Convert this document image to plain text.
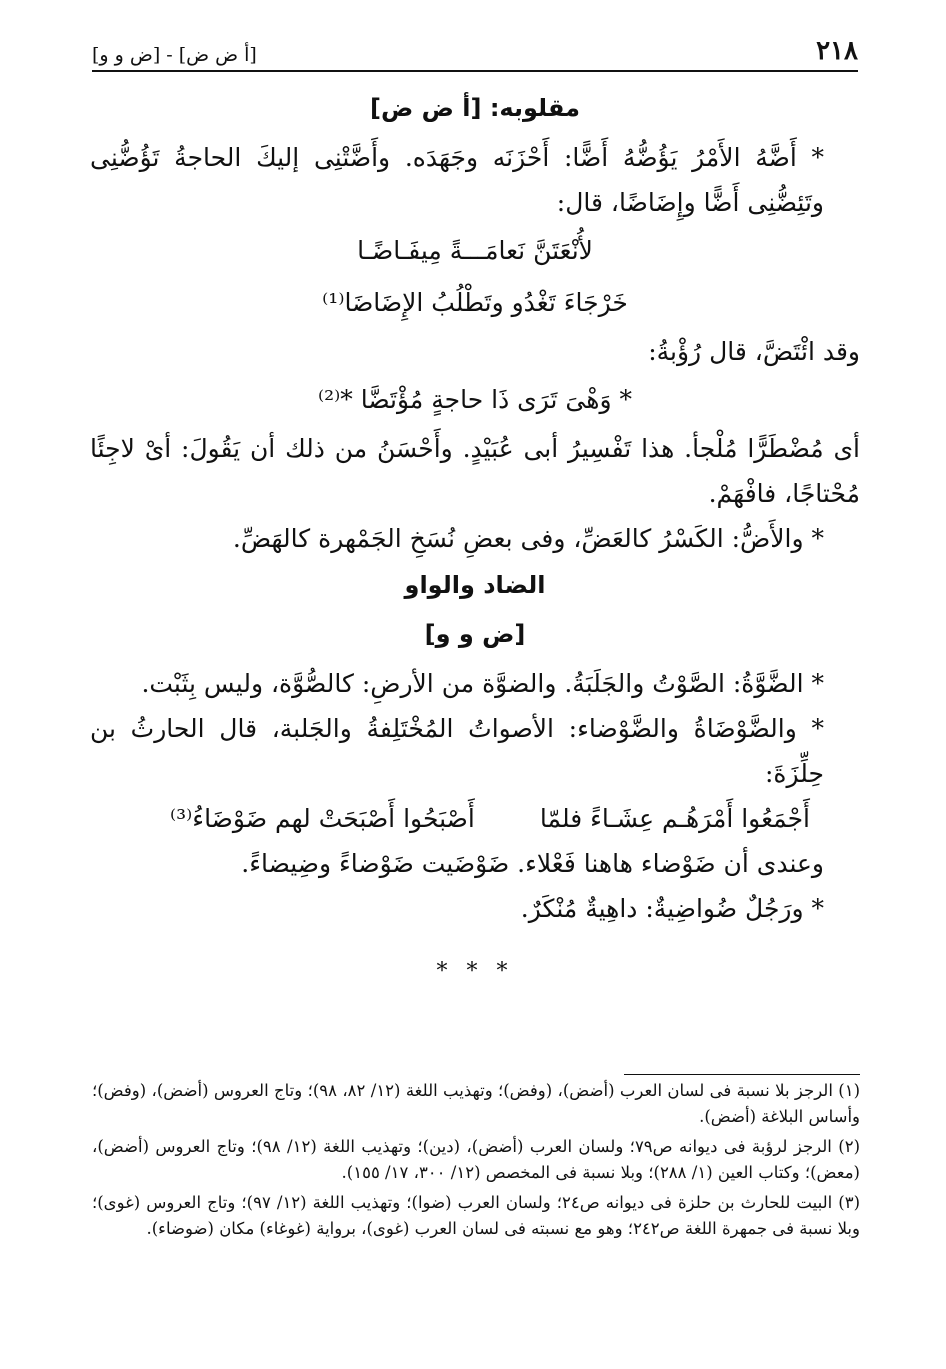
[أ ض ض] - [ض و و]	٢١٨
مقلوبه: [أ ض ض]

* أَضَّهُ الأَمْرُ يَؤُضُّهُ أَضًّا: أَحْزَنَه وجَهَدَه. وأَضَّتْنِى إليكَ الحاجةُ تَؤُضُّنِى وتَئِضُّنِى أَضًّا وإِضَاضًا، قال:

لأُنْعَتَنَّ نَعامَـــةً مِيفَـاضًـا

خَرْجَاءَ تَغْدُو وتَطْلُبُ الإِضَاضَا⁽¹⁾

وقد ائْتَضَّ، قال رُؤْبةُ:

* وَهْىَ تَرَى ذَا حاجةٍ مُؤْتَضَّا *⁽²⁾

أى مُضْطَرًّا مُلْجأ. هذا تَفْسِيرُ أبى عُبَيْدٍ. وأَحْسَنُ من ذلك أن يَقُولَ: أىْ لاجِئًا مُحْتاجًا، فافْهَمْ.

* والأَضُّ: الكَسْرُ كالعَضِّ، وفى بعضِ نُسَخِ الجَمْهرة كالهَضِّ.

الضاد والواو
[ض و و]

* الضَّوَّةُ: الصَّوْتُ والجَلَبَةُ. والضوَّة من الأرضِ: كالصُّوَّة، وليس بِثَبْت.

* والضَّوْضَاةُ والضَّوْضاء: الأصواتُ المُخْتَلِفةُ والجَلبة، قال الحارثُ بن حِلِّزَةَ:

أَجْمَعُوا أَمْرَهُـم عِشَـاءً فلمّا
أَصْبَحُوا أَصْبَحَتْ لهم ضَوْضَاءُ⁽³⁾

وعندى أن ضَوْضاء هاهنا فَعْلاء. ضَوْضَيت ضَوْضاءً وضِيضاءً.

* ورَجُلٌ ضُواضِيةٌ: داهِيةٌ مُنْكَرٌ.

* * *

(١) الرجز بلا نسبة فى لسان العرب (أضض)، (وفض)؛ وتهذيب اللغة (١٢/ ٨٢، ٩٨)؛ وتاج العروس (أضض)، (وفض)؛ وأساس البلاغة (أضض).

(٢) الرجز لرؤبة فى ديوانه ص٧٩؛ ولسان العرب (أضض)، (دين)؛ وتهذيب اللغة (١٢/ ٩٨)؛ وتاج العروس (أضض)، (معض)؛ وكتاب العين (١/ ٢٨٨)؛ وبلا نسبة فى المخصص (١٢/ ٣٠٠، ١٧/ ١٥٥).

(٣) البيت للحارث بن حلزة فى ديوانه ص٢٤؛ ولسان العرب (ضوا)؛ وتهذيب اللغة (١٢/ ٩٧)؛ وتاج العروس (غوى)؛ وبلا نسبة فى جمهرة اللغة ص٢٤٢؛ وهو مع نسبته فى لسان العرب (غوى)، برواية (غوغاء) مكان (ضوضاء).
